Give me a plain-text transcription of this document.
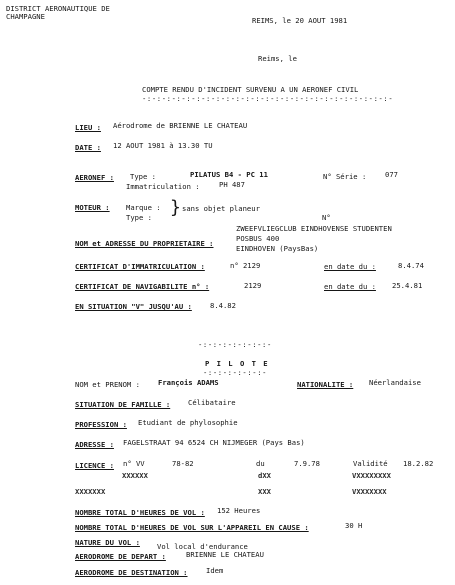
DISTRICT AERONAUTIQUE DE
CHAMPAGNE	REIMS, le 20 AOUT 1981
Reims, le
COMPTE RENDU D'INCIDENT SURVENU A UN AERONEF CIVIL
-:-:-:-:-:-:-:-:-:-:-:-:-:-:-:-:-:-:-:-:-:-:-:-:-:-
LIEU : Aérodrome de BRIENNE LE CHATEAU
DATE : 12 AOUT 1981 à 13.30 TU
AERONEF : Type :	PILATUS B4 - PC 11
Immatriculation :	PH 487
N° Série :	077
MOTEUR : Marque :
Type : } sans objet planeur
N°
ZWEEFVLIEGCLUB EINDHOVENSE STUDENTEN
NOM et ADRESSE DU PROPRIETAIRE :
POSBUS 400
EINDHOVEN (PaysBas)
CERTIFICAT D'IMMATRICULATION :	n° 2129	en date du :	8.4.74
CERTIFICAT DE NAVIGABILITE n° :	2129	en date du : 25.4.81
EN SITUATION "V" JUSQU'AU :	8.4.82
-:-:-:-:-:-:-:-
P I L O T E
-:-:-:-:-:-:-
NOM et PRENOM :	François ADAMS	NATIONALITE : Néerlandaise
SITUATION DE FAMILLE : Célibataire
PROFESSION : Etudiant de phylosophie
ADRESSE : FAGELSTRAAT 94 6524 CH NIJMEGER (Pays Bas)
LICENCE : n° VV	78-82	du	7.9.78	Validité 18.2.82
XXXXXX	dXX	VXXXXXXXX
XXXXXXX	XXX	VXXXXXXX
NOMBRE TOTAL D'HEURES DE VOL : 152 Heures
NOMBRE TOTAL D'HEURES DE VOL SUR L'APPAREIL EN CAUSE :	30 H
NATURE DU VOL : Vol local d'endurance
AERODROME DE DEPART :	BRIENNE LE CHATEAU
AERODROME DE DESTINATION :	Idem
